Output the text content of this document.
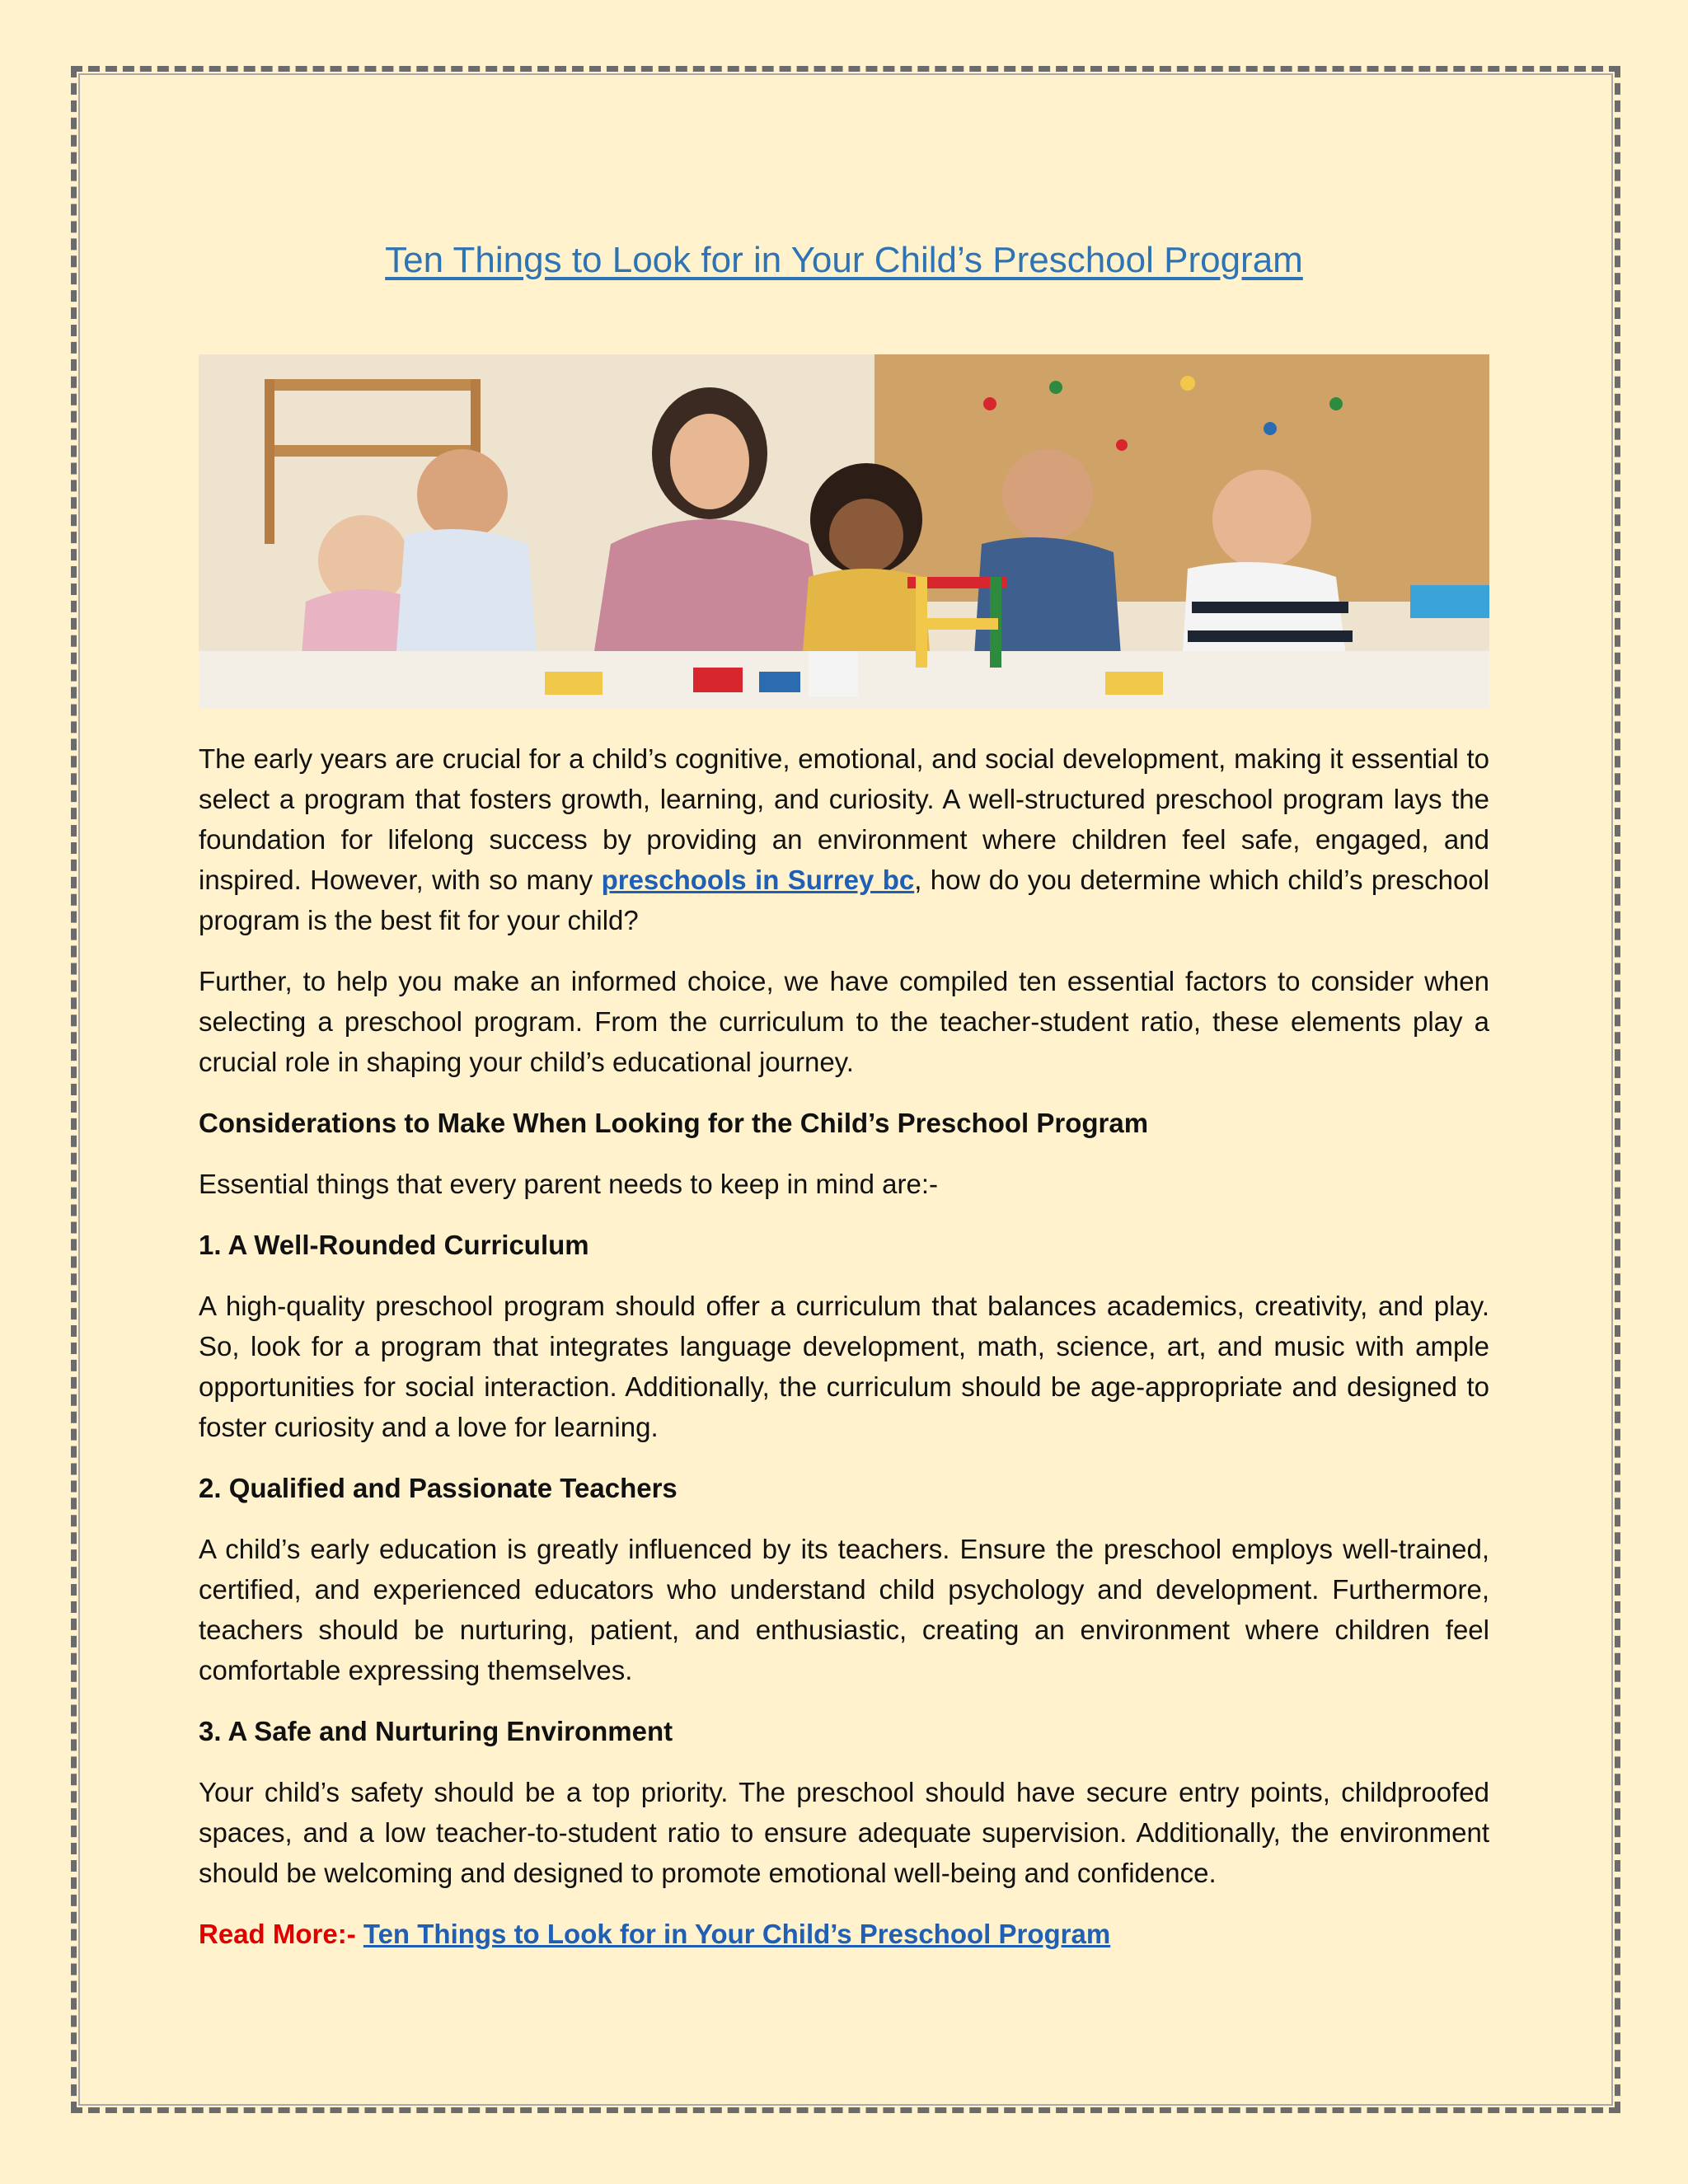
Ten Things to Look for in Your Child’s Preschool Program

The early years are crucial for a child’s cognitive, emotional, and social development, making it essential to select a program that fosters growth, learning, and curiosity. A well-structured preschool program lays the foundation for lifelong success by providing an environment where children feel safe, engaged, and inspired. However, with so many preschools in Surrey bc, how do you determine which child’s preschool program is the best fit for your child?

Further, to help you make an informed choice, we have compiled ten essential factors to consider when selecting a preschool program. From the curriculum to the teacher-student ratio, these elements play a crucial role in shaping your child’s educational journey.

Considerations to Make When Looking for the Child’s Preschool Program

Essential things that every parent needs to keep in mind are:-

1. A Well-Rounded Curriculum

A high-quality preschool program should offer a curriculum that balances academics, creativity, and play. So, look for a program that integrates language development, math, science, art, and music with ample opportunities for social interaction. Additionally, the curriculum should be age-appropriate and designed to foster curiosity and a love for learning.

2. Qualified and Passionate Teachers

A child’s early education is greatly influenced by its teachers. Ensure the preschool employs well-trained, certified, and experienced educators who understand child psychology and development. Furthermore, teachers should be nurturing, patient, and enthusiastic, creating an environment where children feel comfortable expressing themselves.

3. A Safe and Nurturing Environment

Your child’s safety should be a top priority. The preschool should have secure entry points, childproofed spaces, and a low teacher-to-student ratio to ensure adequate supervision. Additionally, the environment should be welcoming and designed to promote emotional well-being and confidence.

Read More:- Ten Things to Look for in Your Child’s Preschool Program
